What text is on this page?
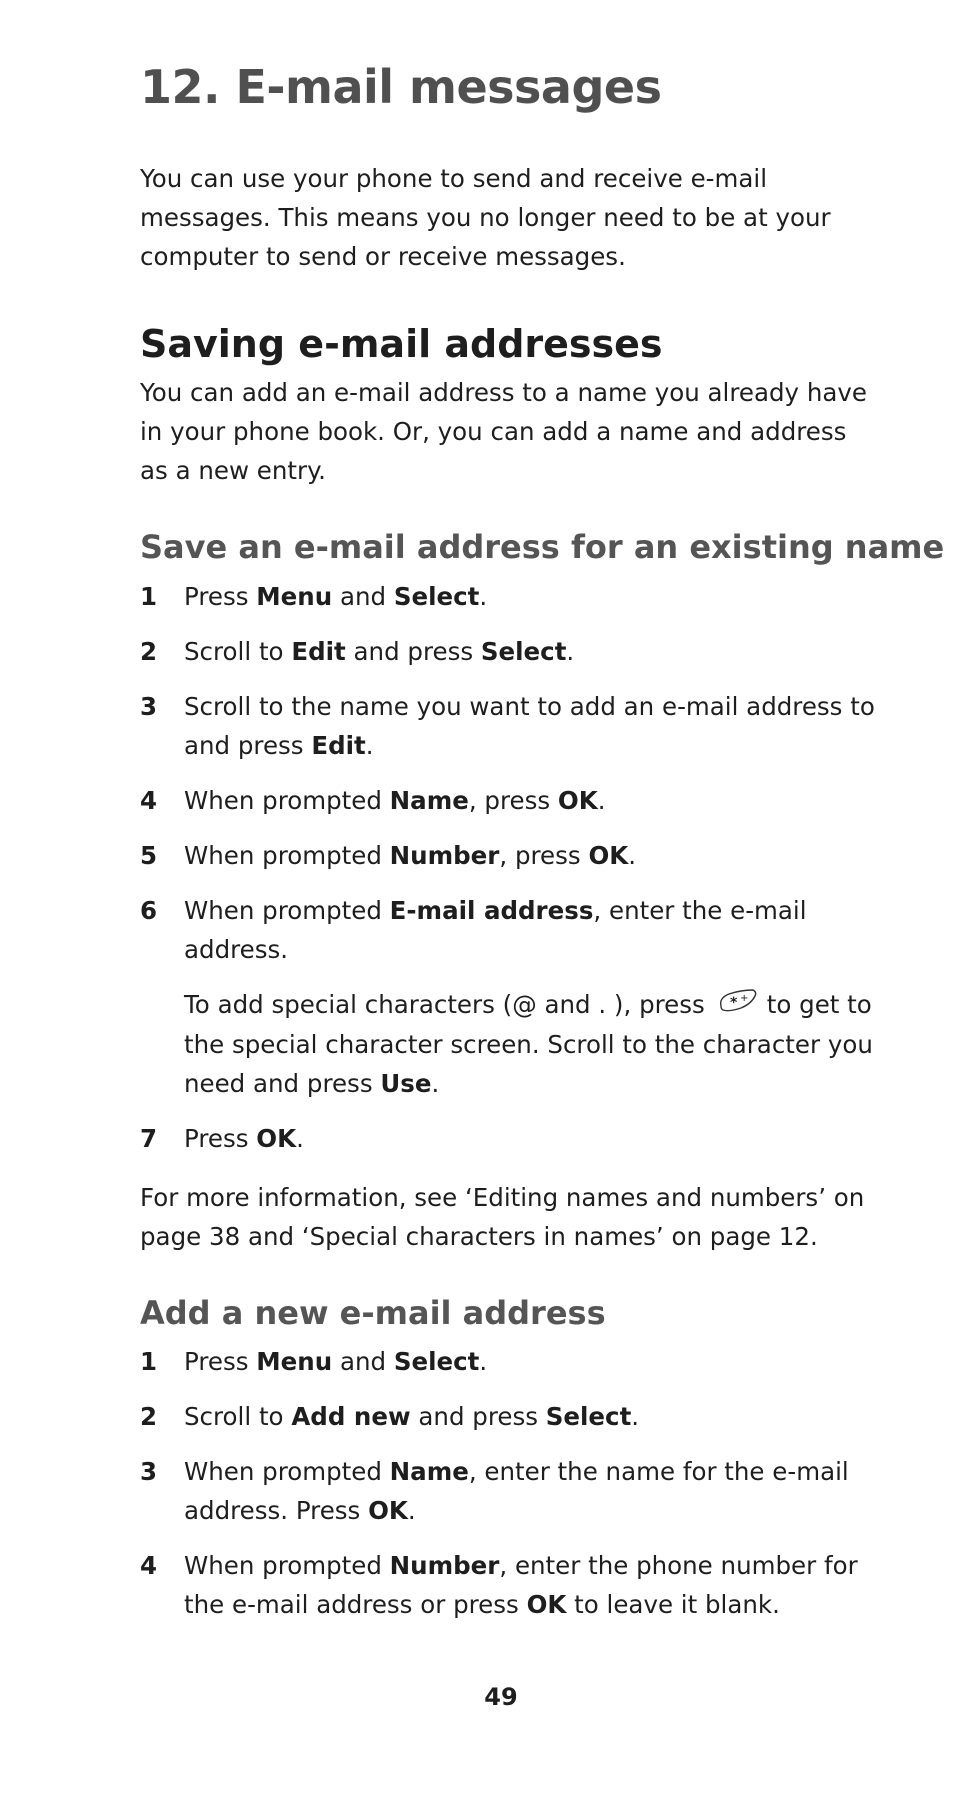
12. E-mail messages

You can use your phone to send and receive e-mail messages. This means you no longer need to be at your computer to send or receive messages.

Saving e-mail addresses

You can add an e-mail address to a name you already have in your phone book. Or, you can add a name and address as a new entry.

Save an e-mail address for an existing name
1 Press Menu and Select.
2 Scroll to Edit and press Select.
3 Scroll to the name you want to add an e-mail address to and press Edit.
4 When prompted Name, press OK.
5 When prompted Number, press OK.
6 When prompted E-mail address, enter the e-mail address.
To add special characters (@ and . ), press * + to get to the special character screen. Scroll to the character you need and press Use.
7 Press OK.

For more information, see ‘Editing names and numbers’ on page 38 and ‘Special characters in names’ on page 12.

Add a new e-mail address
1 Press Menu and Select.
2 Scroll to Add new and press Select.
3 When prompted Name, enter the name for the e-mail address. Press OK.
4 When prompted Number, enter the phone number for the e-mail address or press OK to leave it blank.
49
